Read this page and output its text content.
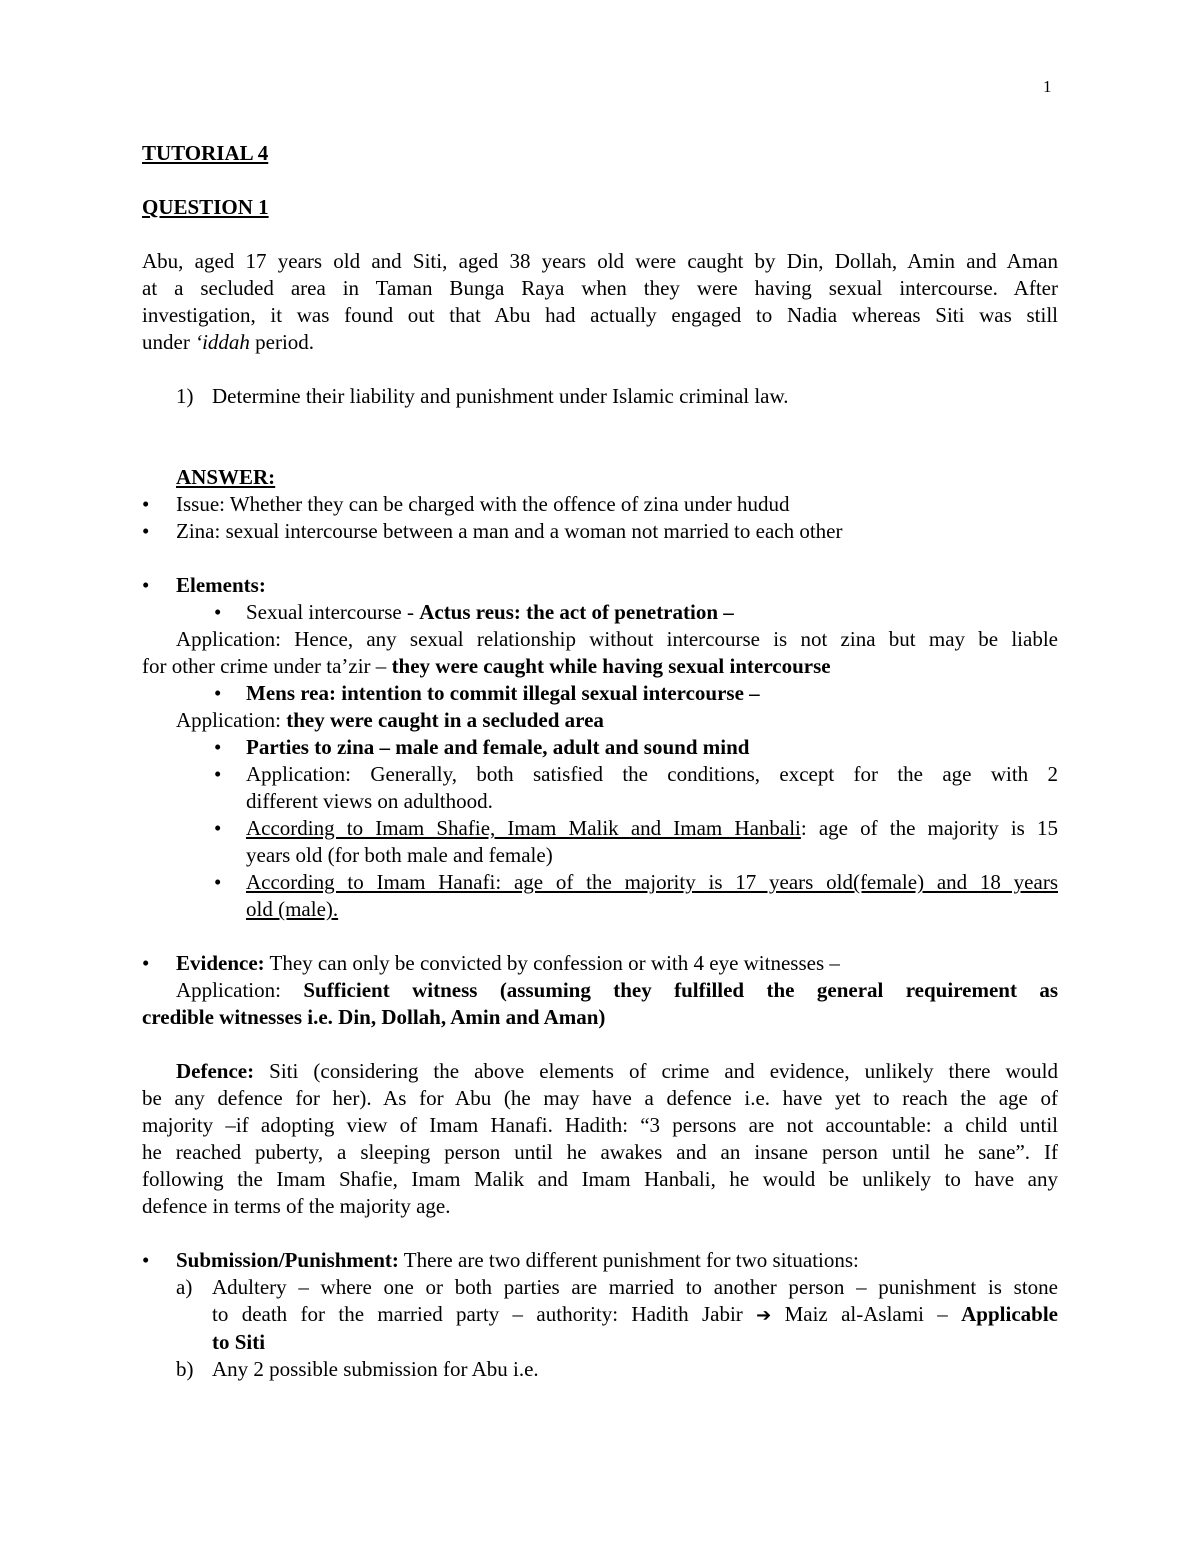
1

TUTORIAL 4

QUESTION 1

Abu, aged 17 years old and Siti, aged 38 years old were caught by Din, Dollah, Amin and Aman
at a secluded area in Taman Bunga Raya when they were having sexual intercourse. After
investigation, it was found out that Abu had actually engaged to Nadia whereas Siti was still
under ‘iddah period.
1) Determine their liability and punishment under Islamic criminal law.
ANSWER:
•	Issue: Whether they can be charged with the offence of zina under hudud
•	Zina: sexual intercourse between a man and a woman not married to each other
•	Elements:
•	Sexual intercourse - Actus reus: the act of penetration –
Application: Hence, any sexual relationship without intercourse is not zina but may be liable
for other crime under ta’zir – they were caught while having sexual intercourse
•	Mens rea: intention to commit illegal sexual intercourse –
Application: they were caught in a secluded area
•	Parties to zina – male and female, adult and sound mind
• Application: Generally, both satisfied the conditions, except for the age with 2
different views on adulthood.
• According to Imam Shafie, Imam Malik and Imam Hanbali: age of the majority is 15
years old (for both male and female)
• According to Imam Hanafi: age of the majority is 17 years old(female) and 18 years
old (male).
•	Evidence: They can only be convicted by confession or with 4 eye witnesses –
Application: Sufficient witness (assuming they fulfilled the general requirement as
credible witnesses i.e. Din, Dollah, Amin and Aman)
Defence: Siti (considering the above elements of crime and evidence, unlikely there would
be any defence for her). As for Abu (he may have a defence i.e. have yet to reach the age of
majority –if adopting view of Imam Hanafi. Hadith: “3 persons are not accountable: a child until
he reached puberty, a sleeping person until he awakes and an insane person until he sane”. If
following the Imam Shafie, Imam Malik and Imam Hanbali, he would be unlikely to have any
defence in terms of the majority age.
•	Submission/Punishment: There are two different punishment for two situations:
a) Adultery – where one or both parties are married to another person – punishment is stone
to death for the married party – authority: Hadith Jabir ➔ Maiz al-Aslami – Applicable
to Siti
b) Any 2 possible submission for Abu i.e.
